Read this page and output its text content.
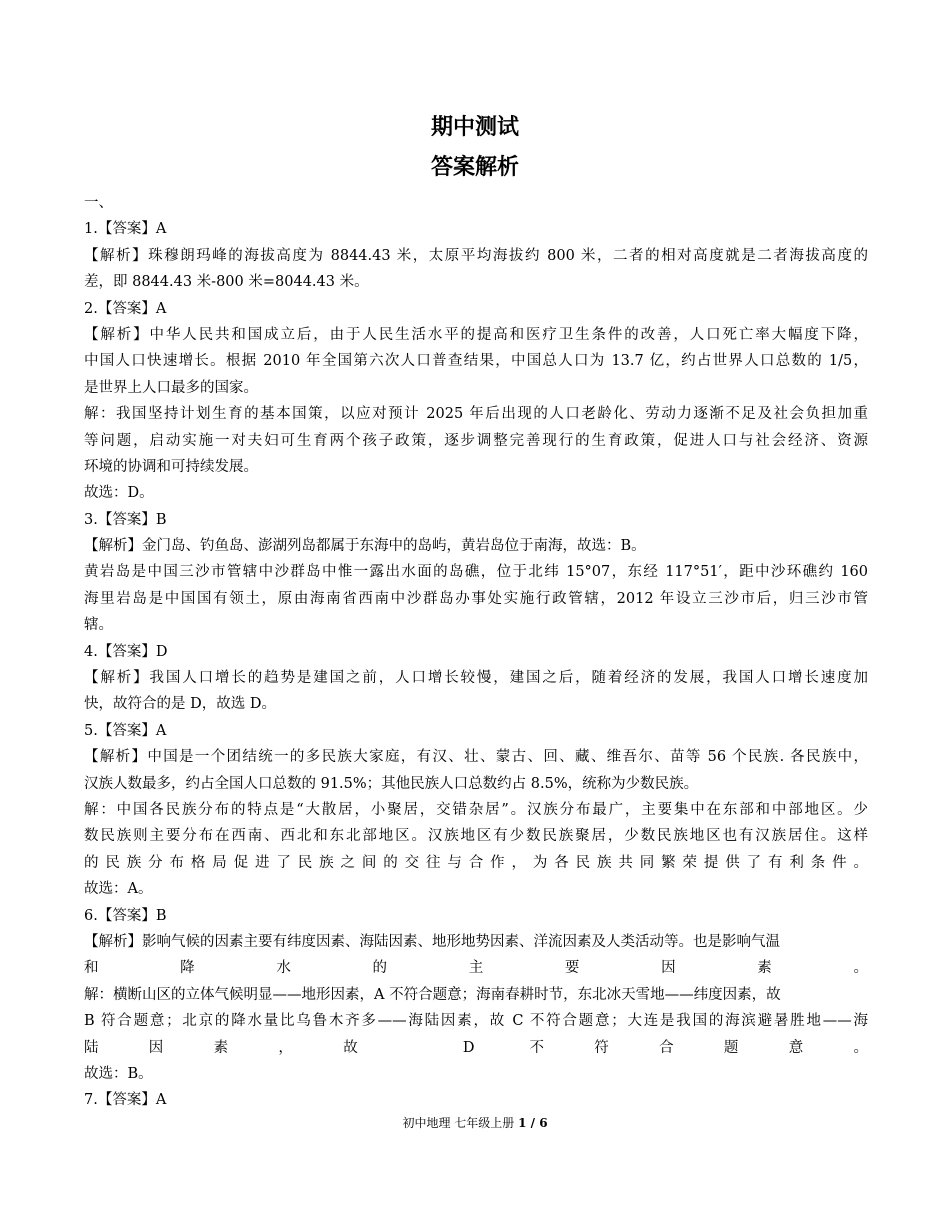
期中测试
答案解析
一、
1.【答案】A
【解析】珠穆朗玛峰的海拔高度为 8844.43 米，太原平均海拔约 800 米，二者的相对高度就是二者海拔高度的
差，即 8844.43 米-800 米=8044.43 米。
2.【答案】A
【解析】中华人民共和国成立后，由于人民生活水平的提高和医疗卫生条件的改善，人口死亡率大幅度下降，
中国人口快速增长。根据 2010 年全国第六次人口普查结果，中国总人口为 13.7 亿，约占世界人口总数的 1/5，
是世界上人口最多的国家。
解：我国坚持计划生育的基本国策，以应对预计 2025 年后出现的人口老龄化、劳动力逐渐不足及社会负担加重
等问题，启动实施一对夫妇可生育两个孩子政策，逐步调整完善现行的生育政策，促进人口与社会经济、资源
环境的协调和可持续发展。
故选：D。
3.【答案】B
【解析】金门岛、钓鱼岛、澎湖列岛都属于东海中的岛屿，黄岩岛位于南海，故选：B。
黄岩岛是中国三沙市管辖中沙群岛中惟一露出水面的岛礁，位于北纬 15°07，东经 117°51′，距中沙环礁约 160
海里岩岛是中国国有领土，原由海南省西南中沙群岛办事处实施行政管辖，2012 年设立三沙市后，归三沙市管
辖。
4.【答案】D
【解析】我国人口增长的趋势是建国之前，人口增长较慢，建国之后，随着经济的发展，我国人口增长速度加
快，故符合的是 D，故选 D。
5.【答案】A
【解析】中国是一个团结统一的多民族大家庭，有汉、壮、蒙古、回、藏、维吾尔、苗等 56 个民族. 各民族中，
汉族人数最多，约占全国人口总数的 91.5%；其他民族人口总数约占 8.5%，统称为少数民族。
解：中国各民族分布的特点是“大散居，小聚居，交错杂居”。汉族分布最广，主要集中在东部和中部地区。少
数民族则主要分布在西南、西北和东北部地区。汉族地区有少数民族聚居，少数民族地区也有汉族居住。这样
的民族分布格局促进了民族之间的交往与合作，为各民族共同繁荣提供了有利条件。
故选：A。
6.【答案】B
【解析】影响气候的因素主要有纬度因素、海陆因素、地形地势因素、洋流因素及人类活动等。也是影响气温
和降水的主要因素。
解：横断山区的立体气候明显——地形因素，A 不符合题意；海南春耕时节，东北冰天雪地——纬度因素，故
B 符合题意；北京的降水量比乌鲁木齐多——海陆因素，故 C 不符合题意；大连是我国的海滨避暑胜地——海
陆因素，故 D 不符合题意。
故选：B。
7.【答案】A
初中地理 七年级上册 1 / 6
